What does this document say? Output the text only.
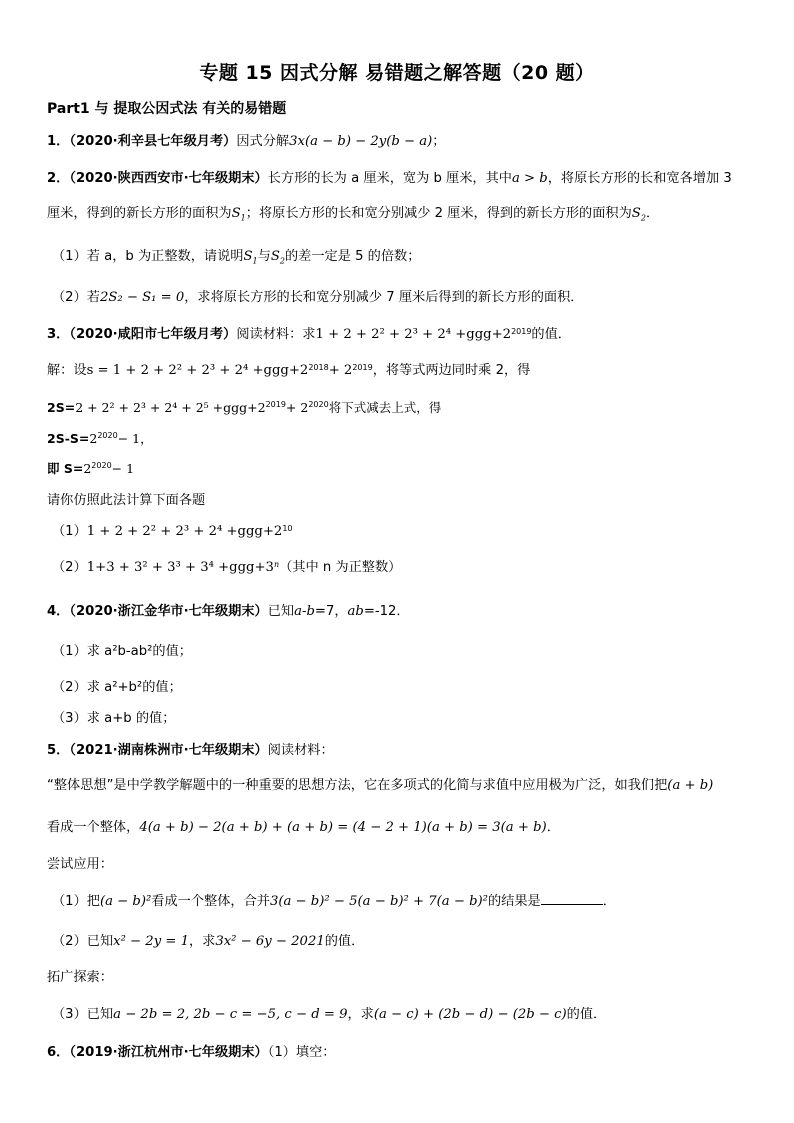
专题 15 因式分解 易错题之解答题（20 题）
Part1 与 提取公因式法 有关的易错题
1．（2020·利辛县七年级月考）因式分解3x(a − b) − 2y(b − a)；
2．（2020·陕西西安市·七年级期末）长方形的长为 a 厘米，宽为 b 厘米，其中a > b，将原长方形的长和宽各增加 3
厘米，得到的新长方形的面积为$S_1$；将原长方形的长和宽分别减少 2 厘米，得到的新长方形的面积为$S_2$．
（1）若 a，b 为正整数，请说明$S_1$与$S_2$的差一定是 5 的倍数；
（2）若2S₂ − S₁ = 0，求将原长方形的长和宽分别减少 7 厘米后得到的新长方形的面积．
3．（2020·咸阳市七年级月考）阅读材料：求$1 + 2 + 2^2 + 2^3 + 2^4 +ggg+2^{2019}$的值．
解：设$s = 1 + 2 + 2^2 + 2^3 + 2^4 +ggg+2^{2018}+ 2^{2019}$，将等式两边同时乘 2，得
$2S=2 + 2^2 + 2^3 + 2^4 + 2^5 +ggg+2^{2019}+ 2^{2020}$将下式减去上式，得
$2S-S=2^{2020}- 1$，
即 $S=2^{2020}- 1$
请你仿照此法计算下面各题
$(1)1 + 2 + 2^2 + 2^3 + 2^4 +ggg+2^{10}$
$(2)1+3 + 3^2 + 3^3 + 3^4 +ggg+3^n$（其中 n 为正整数）
4．（2020·浙江金华市·七年级期末）已知a-b=7，ab=-12．
（1）求 a²b-ab²的值；
（2）求 a²+b²的值；
（3）求 a+b 的值；
5．（2021·湖南株洲市·七年级期末）阅读材料：
“整体思想”是中学教学解题中的一种重要的思想方法，它在多项式的化简与求值中应用极为广泛，如我们把(a + b)
看成一个整体，4(a + b) − 2(a + b) + (a + b) = (4 − 2 + 1)(a + b) = 3(a + b)．
尝试应用：
（1）把(a − b)²看成一个整体，合并3(a − b)² − 5(a − b)² + 7(a − b)²的结果是	．
（2）已知x² − 2y = 1，求3x² − 6y − 2021的值．
拓广探索：
（3）已知a − 2b = 2, 2b − c = −5, c − d = 9，求(a − c) + (2b − d) − (2b − c)的值．
6．（2019·浙江杭州市·七年级期末）（1）填空：
